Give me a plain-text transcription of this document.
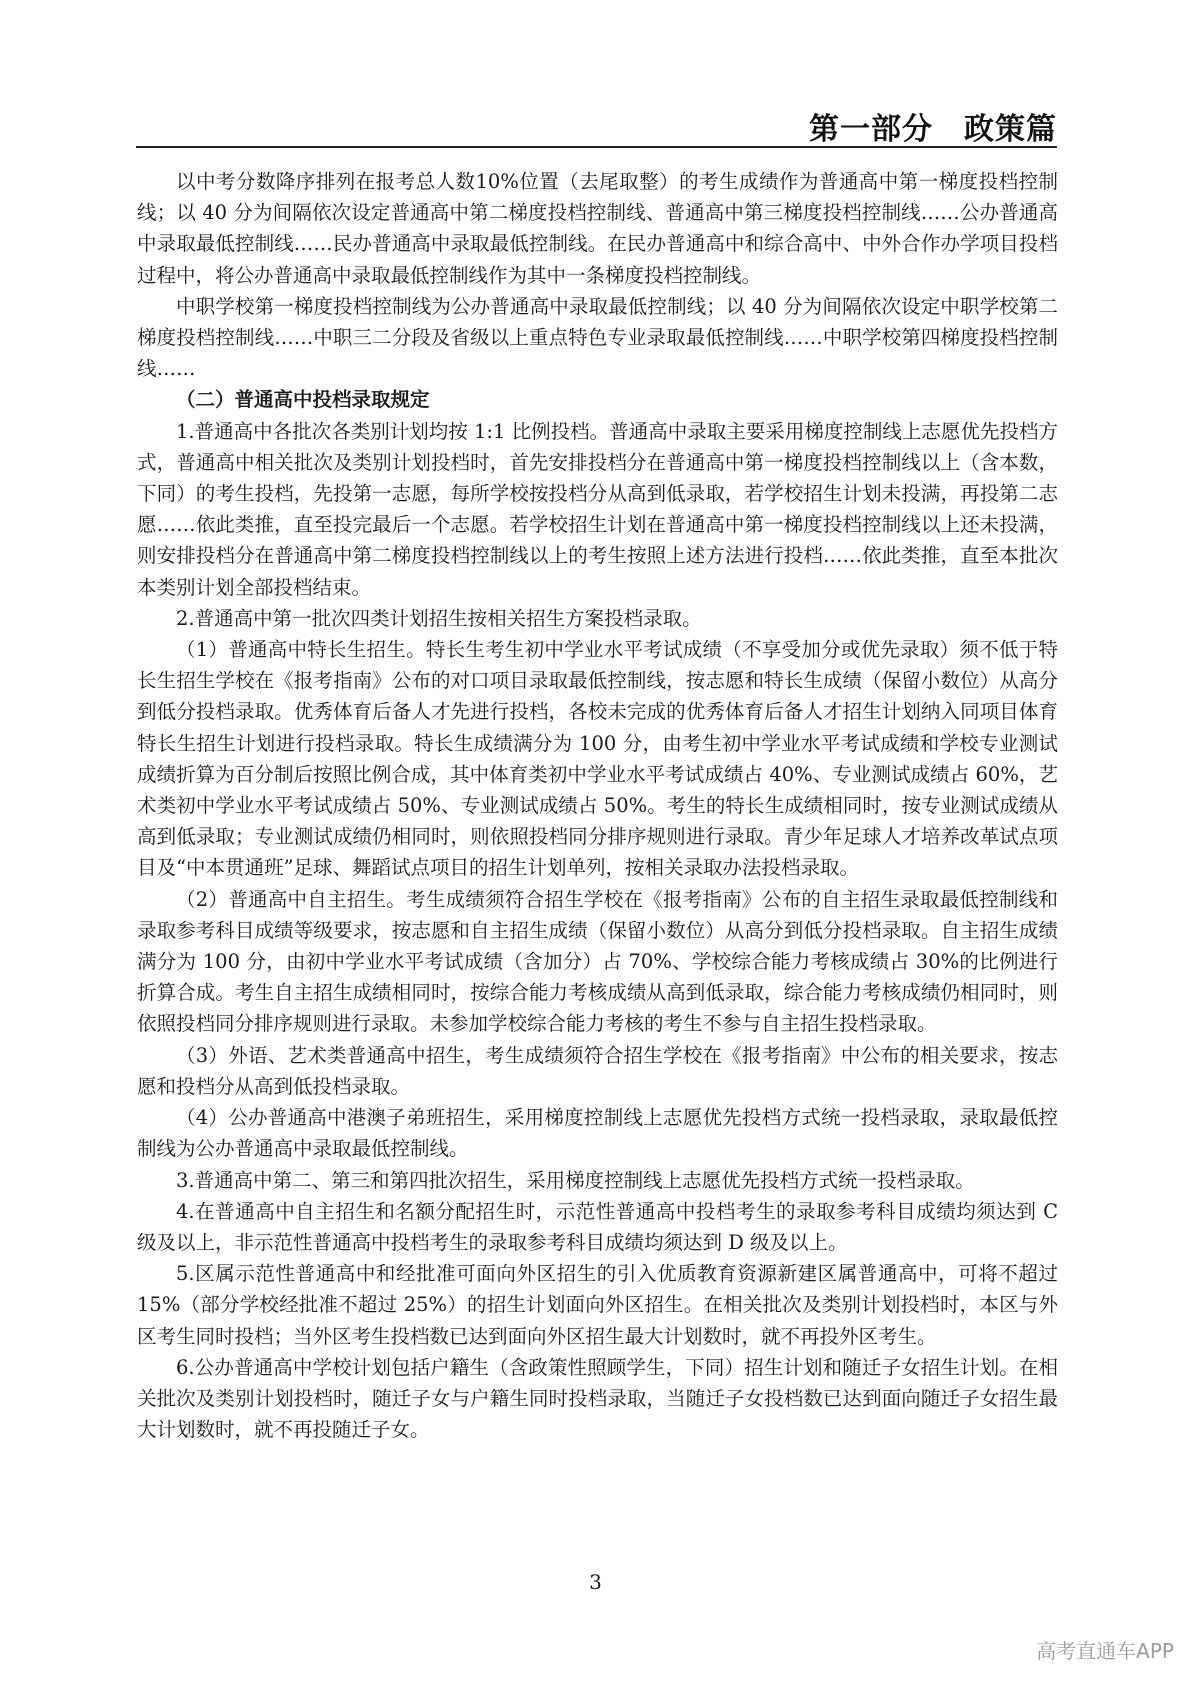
第一部分　政策篇

以中考分数降序排列在报考总人数10%位置（去尾取整）的考生成绩作为普通高中第一梯度投档控制线；以 40 分为间隔依次设定普通高中第二梯度投档控制线、普通高中第三梯度投档控制线……公办普通高中录取最低控制线……民办普通高中录取最低控制线。在民办普通高中和综合高中、中外合作办学项目投档过程中，将公办普通高中录取最低控制线作为其中一条梯度投档控制线。

中职学校第一梯度投档控制线为公办普通高中录取最低控制线；以 40 分为间隔依次设定中职学校第二梯度投档控制线……中职三二分段及省级以上重点特色专业录取最低控制线……中职学校第四梯度投档控制线……

（二）普通高中投档录取规定

1.普通高中各批次各类别计划均按 1:1 比例投档。普通高中录取主要采用梯度控制线上志愿优先投档方式，普通高中相关批次及类别计划投档时，首先安排投档分在普通高中第一梯度投档控制线以上（含本数，下同）的考生投档，先投第一志愿，每所学校按投档分从高到低录取，若学校招生计划未投满，再投第二志愿……依此类推，直至投完最后一个志愿。若学校招生计划在普通高中第一梯度投档控制线以上还未投满，则安排投档分在普通高中第二梯度投档控制线以上的考生按照上述方法进行投档……依此类推，直至本批次本类别计划全部投档结束。

2.普通高中第一批次四类计划招生按相关招生方案投档录取。

（1）普通高中特长生招生。特长生考生初中学业水平考试成绩（不享受加分或优先录取）须不低于特长生招生学校在《报考指南》公布的对口项目录取最低控制线，按志愿和特长生成绩（保留小数位）从高分到低分投档录取。优秀体育后备人才先进行投档，各校未完成的优秀体育后备人才招生计划纳入同项目体育特长生招生计划进行投档录取。特长生成绩满分为 100 分，由考生初中学业水平考试成绩和学校专业测试成绩折算为百分制后按照比例合成，其中体育类初中学业水平考试成绩占 40%、专业测试成绩占 60%，艺术类初中学业水平考试成绩占 50%、专业测试成绩占 50%。考生的特长生成绩相同时，按专业测试成绩从高到低录取；专业测试成绩仍相同时，则依照投档同分排序规则进行录取。青少年足球人才培养改革试点项目及“中本贯通班”足球、舞蹈试点项目的招生计划单列，按相关录取办法投档录取。

（2）普通高中自主招生。考生成绩须符合招生学校在《报考指南》公布的自主招生录取最低控制线和录取参考科目成绩等级要求，按志愿和自主招生成绩（保留小数位）从高分到低分投档录取。自主招生成绩满分为 100 分，由初中学业水平考试成绩（含加分）占 70%、学校综合能力考核成绩占 30%的比例进行折算合成。考生自主招生成绩相同时，按综合能力考核成绩从高到低录取，综合能力考核成绩仍相同时，则依照投档同分排序规则进行录取。未参加学校综合能力考核的考生不参与自主招生投档录取。

（3）外语、艺术类普通高中招生，考生成绩须符合招生学校在《报考指南》中公布的相关要求，按志愿和投档分从高到低投档录取。

（4）公办普通高中港澳子弟班招生，采用梯度控制线上志愿优先投档方式统一投档录取，录取最低控制线为公办普通高中录取最低控制线。

3.普通高中第二、第三和第四批次招生，采用梯度控制线上志愿优先投档方式统一投档录取。

4.在普通高中自主招生和名额分配招生时，示范性普通高中投档考生的录取参考科目成绩均须达到 C 级及以上，非示范性普通高中投档考生的录取参考科目成绩均须达到 D 级及以上。

5.区属示范性普通高中和经批准可面向外区招生的引入优质教育资源新建区属普通高中，可将不超过 15%（部分学校经批准不超过 25%）的招生计划面向外区招生。在相关批次及类别计划投档时，本区与外区考生同时投档；当外区考生投档数已达到面向外区招生最大计划数时，就不再投外区考生。

6.公办普通高中学校计划包括户籍生（含政策性照顾学生，下同）招生计划和随迁子女招生计划。在相关批次及类别计划投档时，随迁子女与户籍生同时投档录取，当随迁子女投档数已达到面向随迁子女招生最大计划数时，就不再投随迁子女。

3
高考直通车APP
